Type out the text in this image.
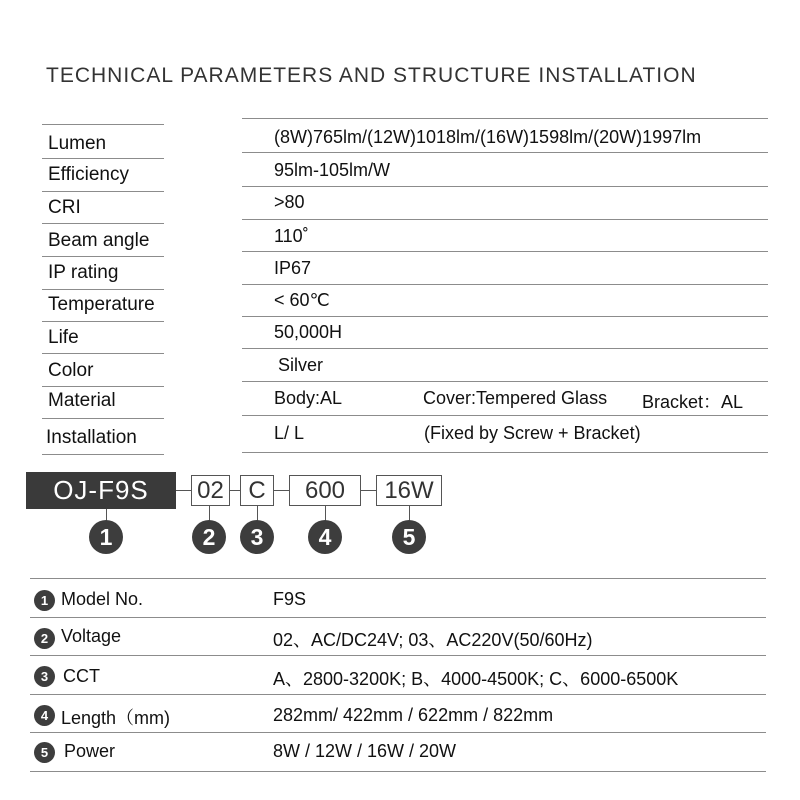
TECHNICAL PARAMETERS AND STRUCTURE INSTALLATION
Lumen	(8W)765lm/(12W)1018lm/(16W)1598lm/(20W)1997lm
Efficiency	95lm-105lm/W
CRI	>80
Beam angle	110˚
IP rating	IP67
Temperature	< 60℃
Life	50,000H
Color	Silver
Material	Body:AL	Cover:Tempered Glass Bracket：AL
Installation	L/ L	(Fixed by Screw + Bracket)
OJ-F9S	02	C	600	16W
1	2	3	4	5
1 Model No.	F9S
2 Voltage	02、AC/DC24V; 03、AC220V(50/60Hz)
3 CCT	A、2800-3200K; B、4000-4500K; C、6000-6500K
4 Length（mm)	282mm/ 422mm / 622mm / 822mm
5 Power	8W / 12W / 16W / 20W
